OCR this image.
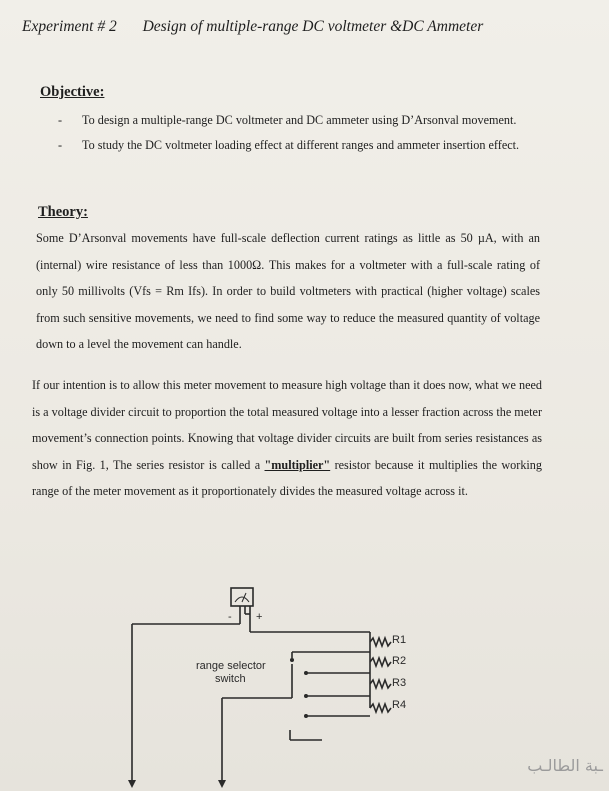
Experiment # 2 Design of multiple-range DC voltmeter &DC Ammeter
Objective:
- To design a multiple-range DC voltmeter and DC ammeter using D’Arsonval movement.
- To study the DC voltmeter loading effect at different ranges and ammeter insertion effect.
Theory:
Some D’Arsonval movements have full-scale deflection current ratings as little as 50 µA, with an (internal) wire resistance of less than 1000Ω. This makes for a voltmeter with a full-scale rating of only 50 millivolts (Vfs = Rm Ifs). In order to build voltmeters with practical (higher voltage) scales from such sensitive movements, we need to find some way to reduce the measured quantity of voltage down to a level the movement can handle.
If our intention is to allow this meter movement to measure high voltage than it does now, what we need is a voltage divider circuit to proportion the total measured voltage into a lesser fraction across the meter movement’s connection points. Knowing that voltage divider circuits are built from series resistances as show in Fig. 1, The series resistor is called a "multiplier" resistor because it multiplies the working range of the meter movement as it proportionately divides the measured voltage across it.
- +
range selector
switch
R1
R2
R3
R4
ـبة الطالـب
